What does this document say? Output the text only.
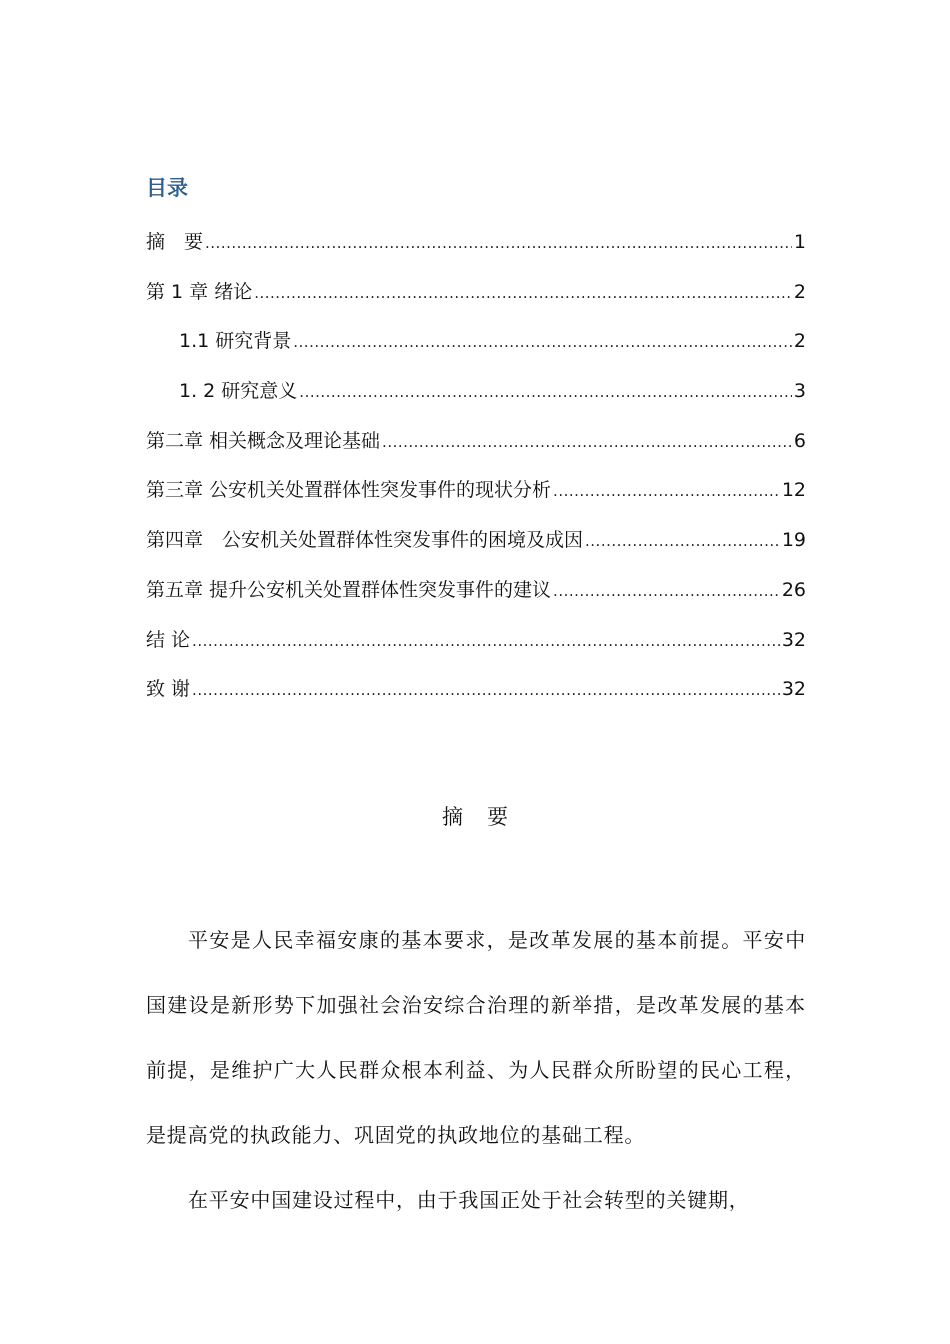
目录
摘　要 .....	1
第 1 章 绪论 .....	2
1.1 研究背景 .....	2
1. 2 研究意义 .....	3
第二章 相关概念及理论基础 .....	6
第三章 公安机关处置群体性突发事件的现状分析 .....	12
第四章　公安机关处置群体性突发事件的困境及成因 .....	19
第五章 提升公安机关处置群体性突发事件的建议 .....	26
结 论 .....	32
致 谢 .....	32
摘要

平安是人民幸福安康的基本要求，是改革发展的基本前提。平安中国建设是新形势下加强社会治安综合治理的新举措，是改革发展的基本前提，是维护广大人民群众根本利益、为人民群众所盼望的民心工程，是提高党的执政能力、巩固党的执政地位的基础工程。

在平安中国建设过程中，由于我国正处于社会转型的关键期，
